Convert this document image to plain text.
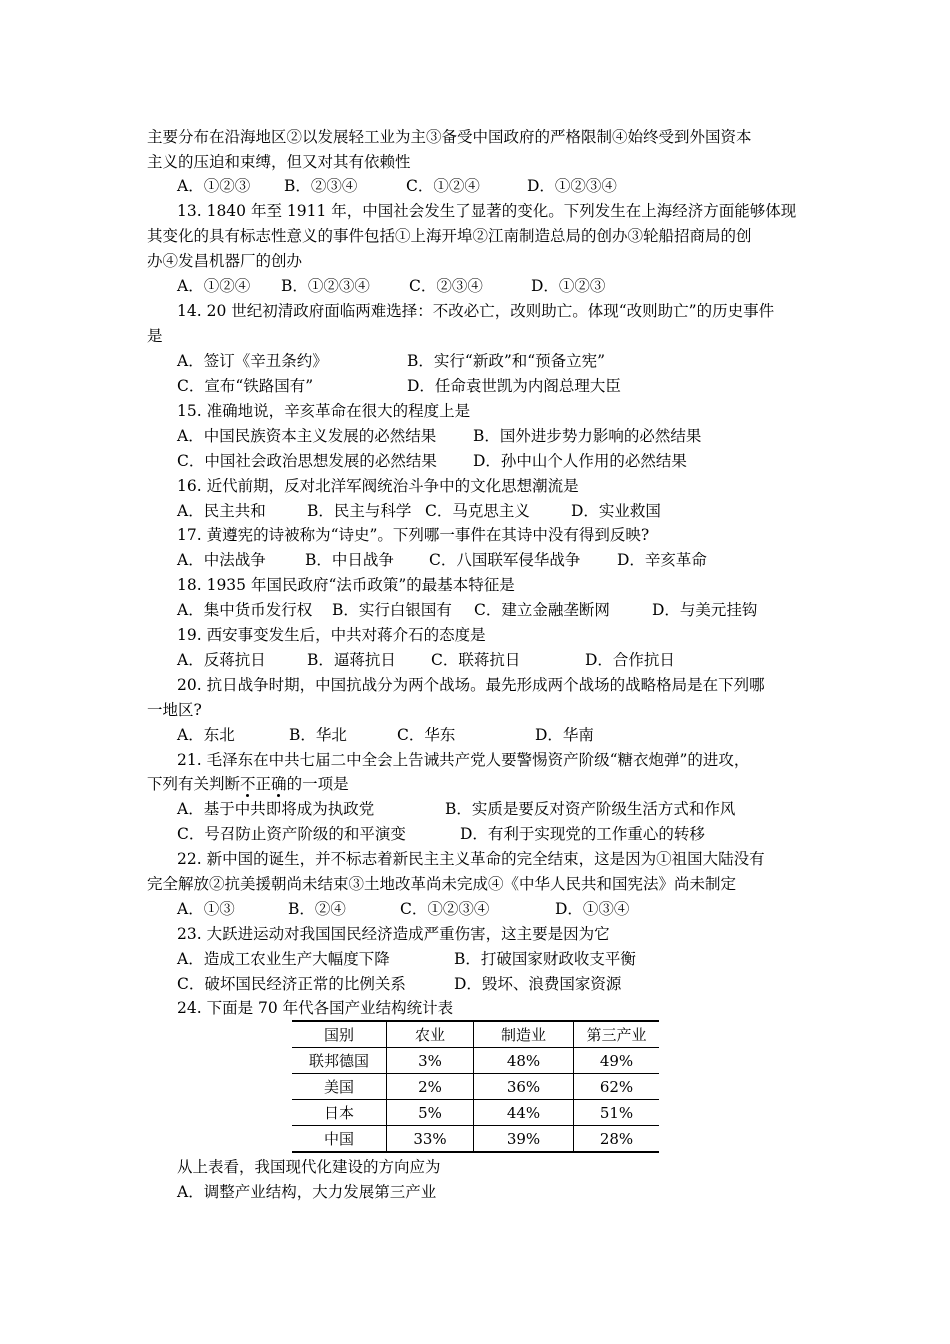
主要分布在沿海地区②以发展轻工业为主③备受中国政府的严格限制④始终受到外国资本
主义的压迫和束缚，但又对其有依赖性
A．①②③ B．②③④	C．①②④	D．①②③④
13. 1840 年至 1911 年，中国社会发生了显著的变化。下列发生在上海经济方面能够体现
其变化的具有标志性意义的事件包括①上海开埠②江南制造总局的创办③轮船招商局的创
办④发昌机器厂的创办
A．①②④ B．①②③④	C．②③④	D．①②③
14. 20 世纪初清政府面临两难选择：不改必亡，改则助亡。体现“改则助亡”的历史事件
是
A．签订《辛丑条约》	B．实行“新政”和“预备立宪”
C．宣布“铁路国有”	D．任命袁世凯为内阁总理大臣
15. 准确地说，辛亥革命在很大的程度上是
A．中国民族资本主义发展的必然结果 B．国外进步势力影响的必然结果
C．中国社会政治思想发展的必然结果 D．孙中山个人作用的必然结果
16. 近代前期，反对北洋军阀统治斗争中的文化思想潮流是
A．民主共和	B．民主与科学 C．马克思主义	D．实业救国
17. 黄遵宪的诗被称为“诗史”。下列哪一事件在其诗中没有得到反映?
A．中法战争	B．中日战争 C．八国联军侵华战争 D．辛亥革命
18. 1935 年国民政府“法币政策”的最基本特征是
A．集中货币发行权 B．实行白银国有 C．建立金融垄断网	D．与美元挂钩
19. 西安事变发生后，中共对蒋介石的态度是
A．反蒋抗日	B．逼蒋抗日 C．联蒋抗日	D．合作抗日
20. 抗日战争时期，中国抗战分为两个战场。最先形成两个战场的战略格局是在下列哪
一地区?
A．东北	B．华北	C．华东	D．华南
21. 毛泽东在中共七届二中全会上告诫共产党人要警惕资产阶级“糖衣炮弹”的进攻，
下列有关判断不正确的一项是
A．基于中共即将成为执政党	B．实质是要反对资产阶级生活方式和作风
C．号召防止资产阶级的和平演变	D．有利于实现党的工作重心的转移
22. 新中国的诞生，并不标志着新民主主义革命的完全结束，这是因为①祖国大陆没有
完全解放②抗美援朝尚未结束③土地改革尚未完成④《中华人民共和国宪法》尚未制定
A．①③	B．②④	C．①②③④	D．①③④
23. 大跃进运动对我国国民经济造成严重伤害，这主要是因为它
A．造成工农业生产大幅度下降	B．打破国家财政收支平衡
C．破坏国民经济正常的比例关系	D．毁坏、浪费国家资源
24. 下面是 70 年代各国产业结构统计表
国别	农业	制造业	第三产业
联邦德国	3%	48%	49%
美国	2%	36%	62%
日本	5%	44%	51%
中国	33%	39%	28%
从上表看，我国现代化建设的方向应为
A．调整产业结构，大力发展第三产业
